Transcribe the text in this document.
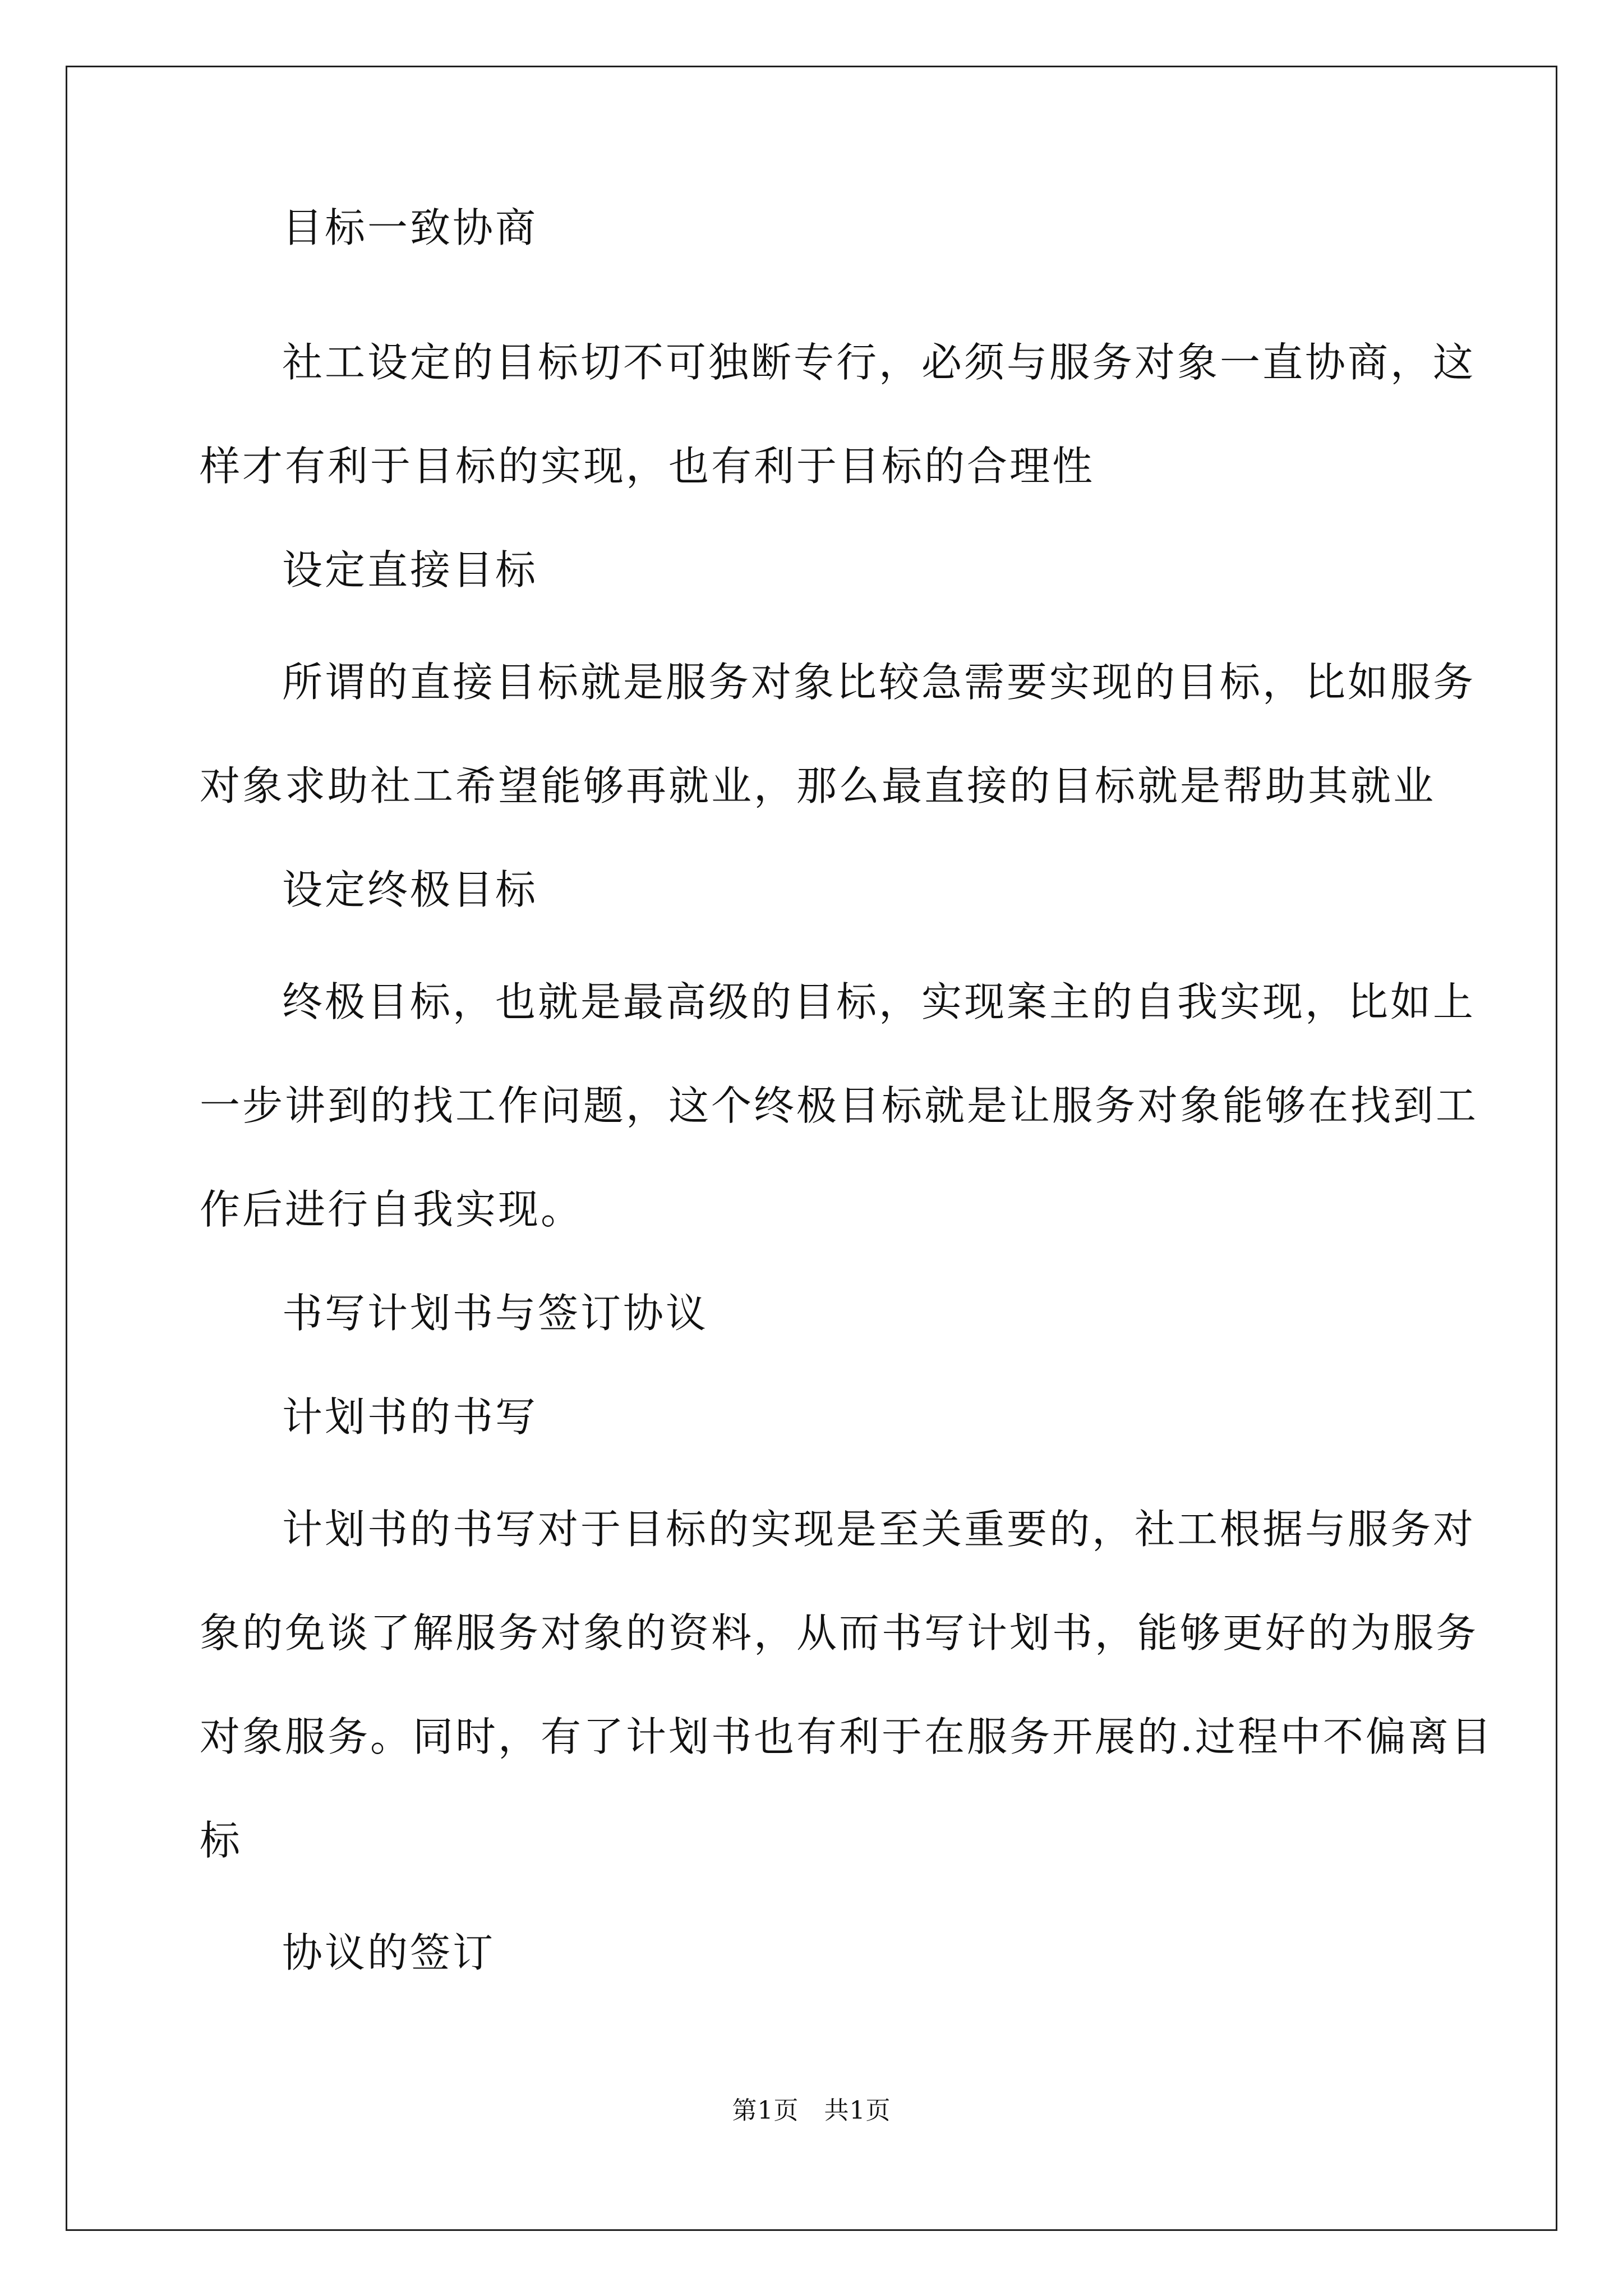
目标一致协商
社工设定的目标切不可独断专行，必须与服务对象一直协商，这
样才有利于目标的实现，也有利于目标的合理性
设定直接目标
所谓的直接目标就是服务对象比较急需要实现的目标，比如服务
对象求助社工希望能够再就业，那么最直接的目标就是帮助其就业
设定终极目标
终极目标，也就是最高级的目标，实现案主的自我实现，比如上
一步讲到的找工作问题，这个终极目标就是让服务对象能够在找到工
作后进行自我实现。
书写计划书与签订协议
计划书的书写
计划书的书写对于目标的实现是至关重要的，社工根据与服务对
象的免谈了解服务对象的资料，从而书写计划书，能够更好的为服务
对象服务。同时，有了计划书也有利于在服务开展的.过程中不偏离目
标
协议的签订
第1页 共1页
